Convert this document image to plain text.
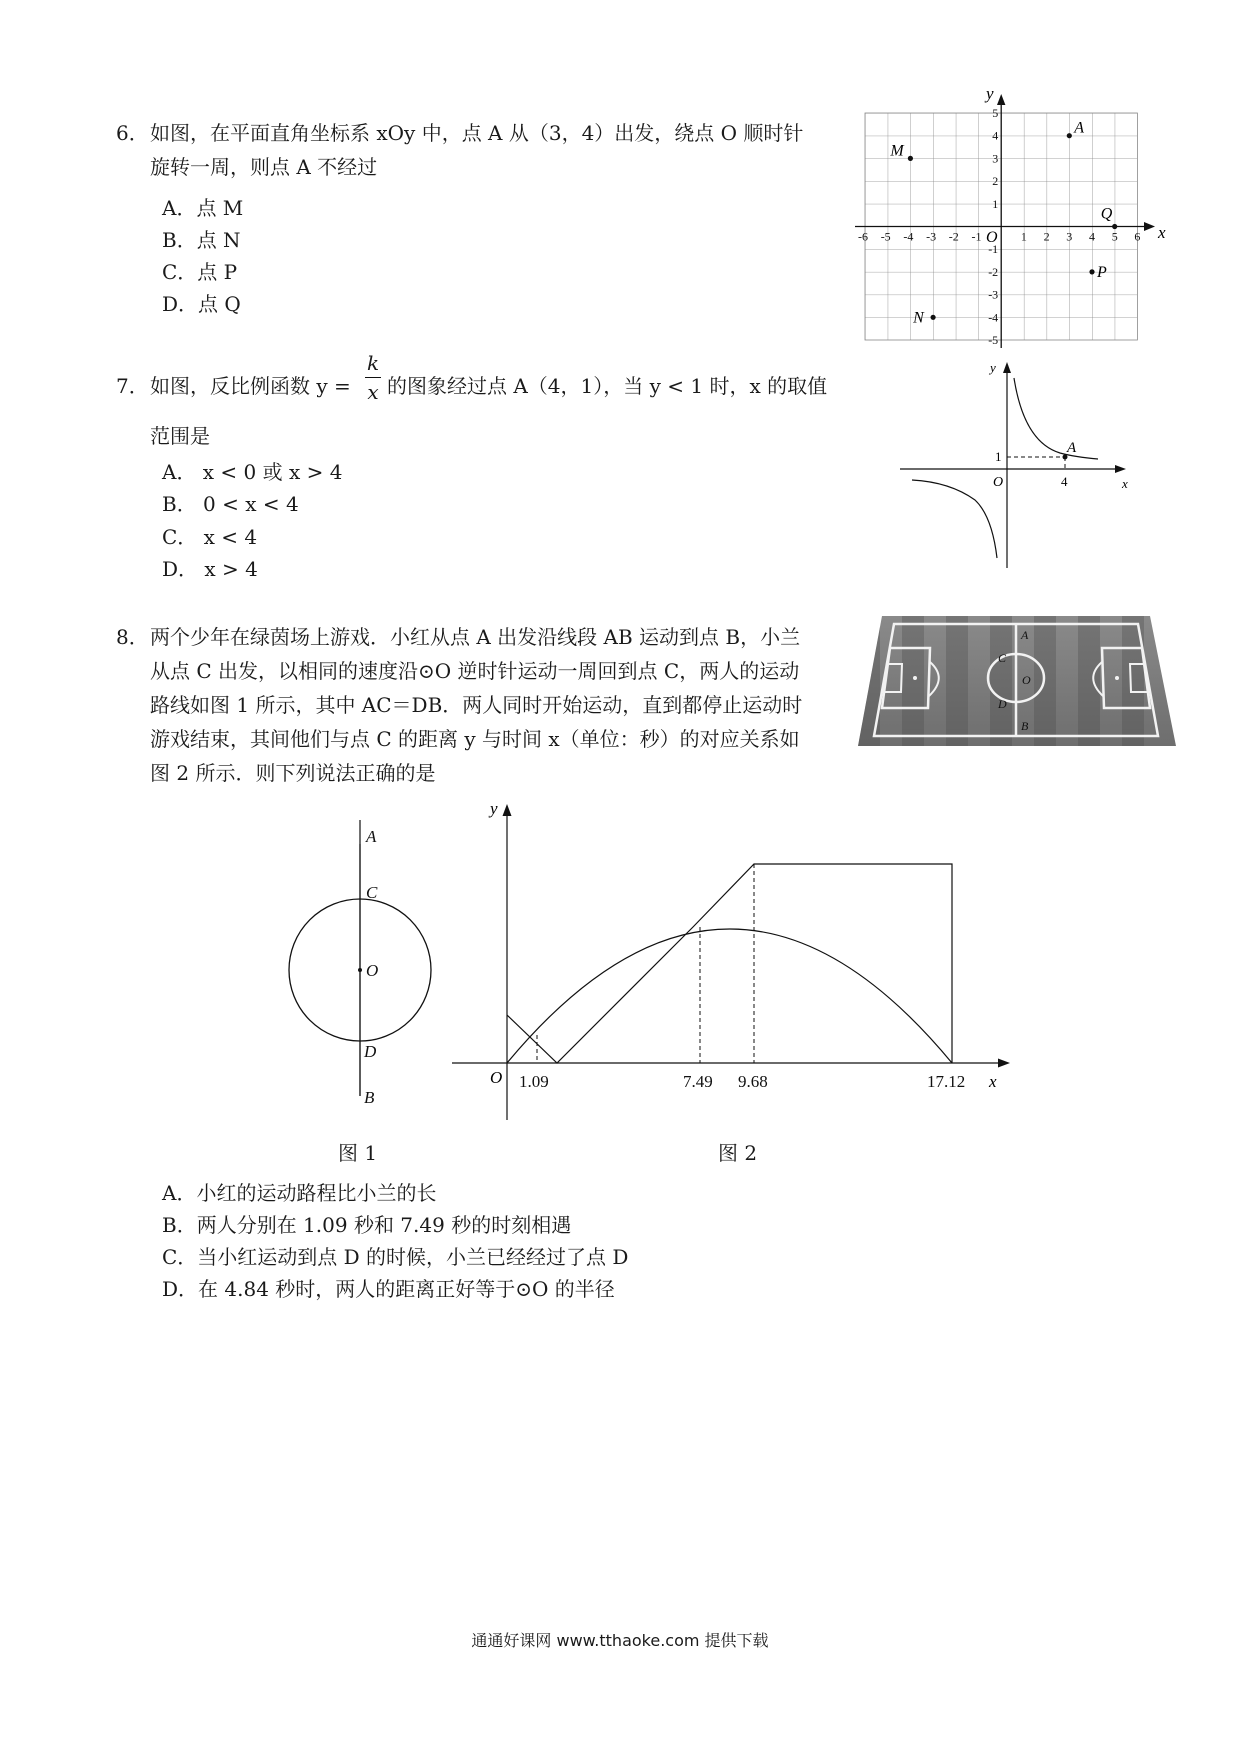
6． 如图，在平面直角坐标系 xOy 中，点 A 从（3，4）出发，绕点 O 顺时针
旋转一周，则点 A 不经过
A．点 M
B．点 N
C．点 P
D．点 Q
-6 -5 -4 -3 -2 -1	1 2 3 4 5 6
5
4
3
2
1
-1
-2
-3
-4
-5
x
y
O
A
M
Q
P
N
7． 如图，反比例函数 y =
k
x 的图象经过点 A（4，1），当 y < 1 时，x 的取值
范围是
A． x < 0 或 x > 4
B． 0 < x < 4
C． x < 4
D． x > 4
A
1
4
O	x
y
8． 两个少年在绿茵场上游戏．小红从点 A 出发沿线段 AB 运动到点 B，小兰
从点 C 出发，以相同的速度沿⊙O 逆时针运动一周回到点 C，两人的运动
路线如图 1 所示，其中 AC＝DB．两人同时开始运动，直到都停止运动时
游戏结束，其间他们与点 C 的距离 y 与时间 x（单位：秒）的对应关系如
图 2 所示．则下列说法正确的是
A
C
O
D
B
A
C
O
D
B
图 1
y
x
O 1.09	7.49 9.68	17.12
图 2
A．小红的运动路程比小兰的长
B．两人分别在 1.09 秒和 7.49 秒的时刻相遇
C．当小红运动到点 D 的时候，小兰已经经过了点 D
D．在 4.84 秒时，两人的距离正好等于⊙O 的半径
通通好课网 www.tthaoke.com 提供下载
